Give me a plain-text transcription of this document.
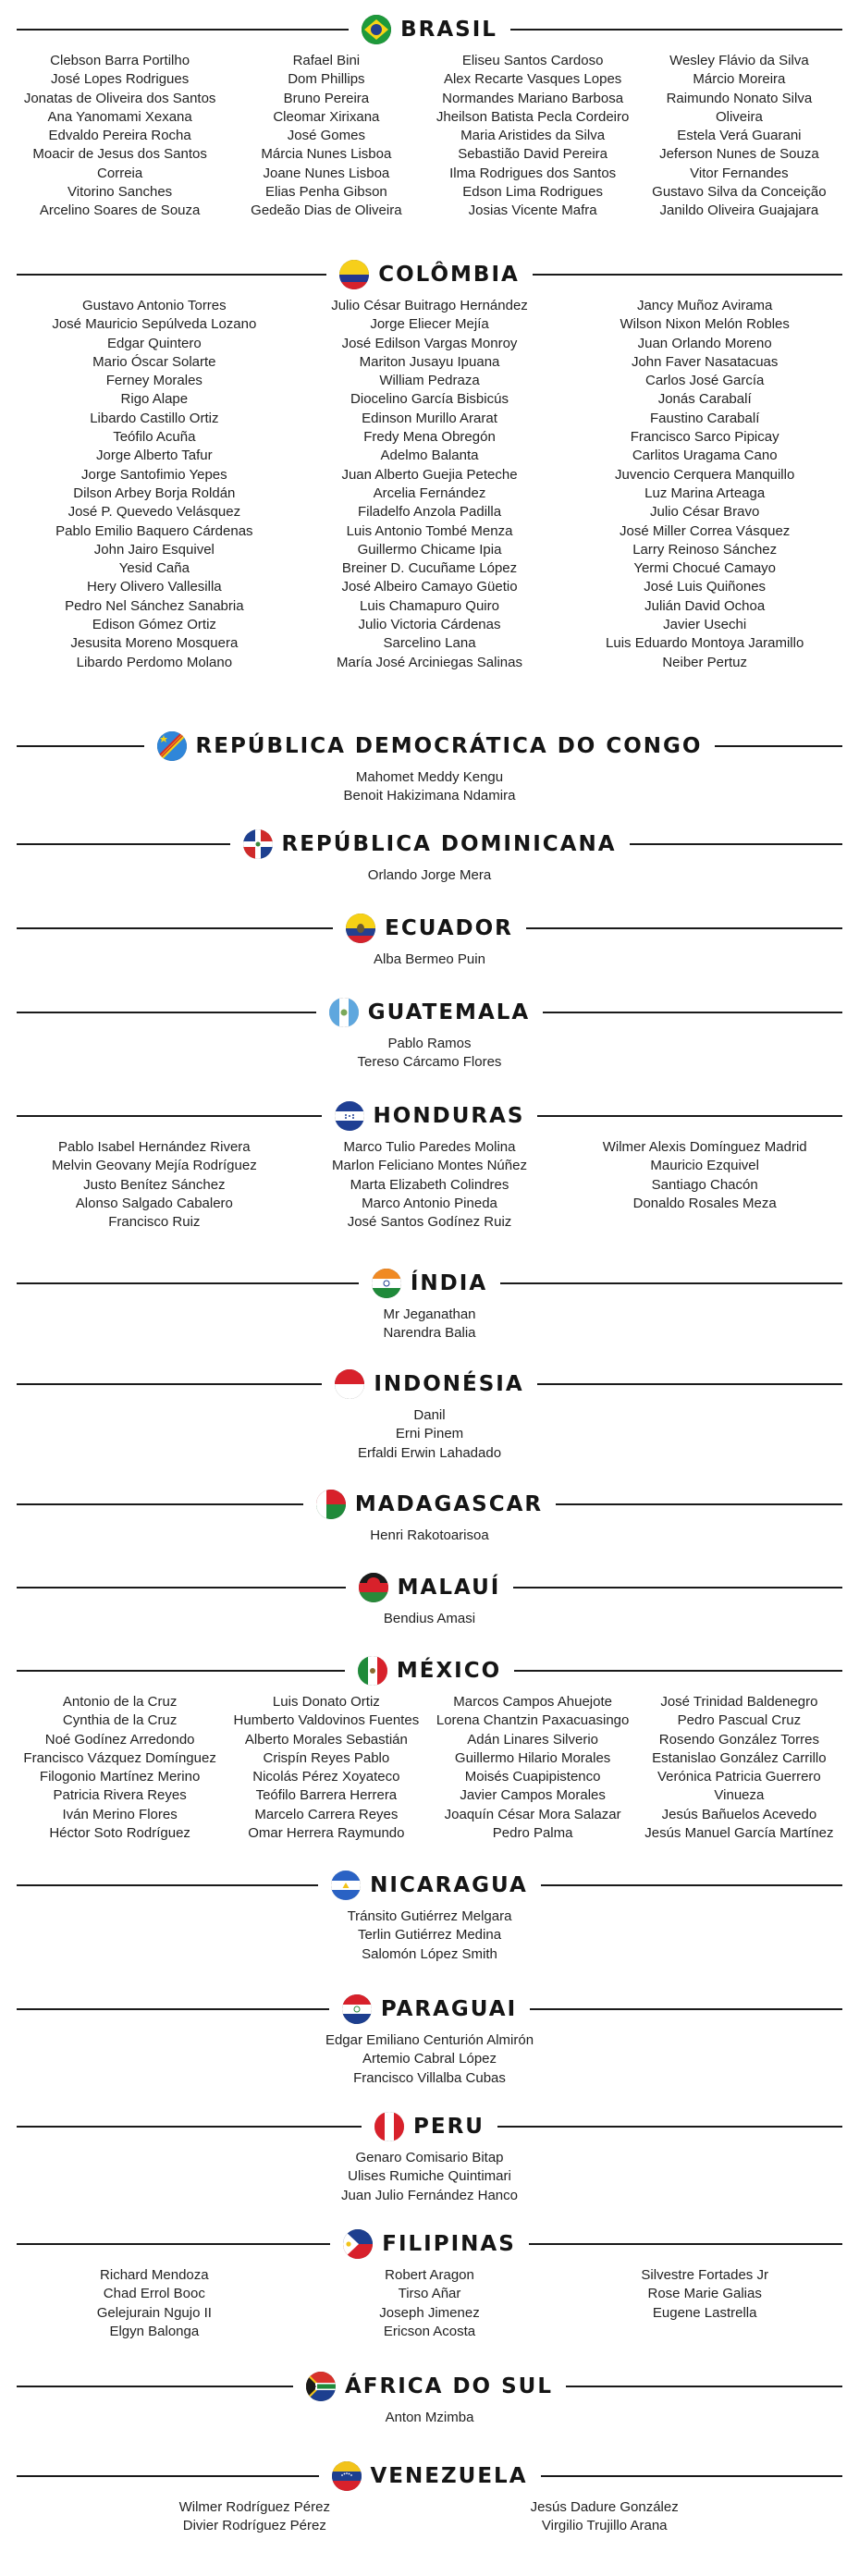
BRASIL
Clebson Barra Portilho
José Lopes Rodrigues
Jonatas de Oliveira dos Santos
Ana Yanomami Xexana
Edvaldo Pereira Rocha
Moacir de Jesus dos Santos
Correia
Vitorino Sanches
Arcelino Soares de Souza
Rafael Bini
Dom Phillips
Bruno Pereira
Cleomar Xirixana
José Gomes
Márcia Nunes Lisboa
Joane Nunes Lisboa
Elias Penha Gibson
Gedeão Dias de Oliveira
Eliseu Santos Cardoso
Alex Recarte Vasques Lopes
Normandes Mariano Barbosa
Jheilson Batista Pecla Cordeiro
Maria Aristides da Silva
Sebastião David Pereira
Ilma Rodrigues dos Santos
Edson Lima Rodrigues
Josias Vicente Mafra
Wesley Flávio da Silva
Márcio Moreira
Raimundo Nonato Silva
Oliveira
Estela Verá Guarani
Jeferson Nunes de Souza
Vitor Fernandes
Gustavo Silva da Conceição
Janildo Oliveira Guajajara
COLÔMBIA
Gustavo Antonio Torres
José Mauricio Sepúlveda Lozano
Edgar Quintero
Mario Óscar Solarte
Ferney Morales
Rigo Alape
Libardo Castillo Ortiz
Teófilo Acuña
Jorge Alberto Tafur
Jorge Santofimio Yepes
Dilson Arbey Borja Roldán
José P. Quevedo Velásquez
Pablo Emilio Baquero Cárdenas
John Jairo Esquivel
Yesid Caña
Hery Olivero Vallesilla
Pedro Nel Sánchez Sanabria
Edison Gómez Ortiz
Jesusita Moreno Mosquera
Libardo Perdomo Molano
Julio César Buitrago Hernández
Jorge Eliecer Mejía
José Edilson Vargas Monroy
Mariton Jusayu Ipuana
William Pedraza
Diocelino García Bisbicús
Edinson Murillo Ararat
Fredy Mena Obregón
Adelmo Balanta
Juan Alberto Guejia Peteche
Arcelia Fernández
Filadelfo Anzola Padilla
Luis Antonio Tombé Menza
Guillermo Chicame Ipia
Breiner D. Cucuñame López
José Albeiro Camayo Güetio
Luis Chamapuro Quiro
Julio Victoria Cárdenas
Sarcelino Lana
María José Arciniegas Salinas
Jancy Muñoz Avirama
Wilson Nixon Melón Robles
Juan Orlando Moreno
John Faver Nasatacuas
Carlos José García
Jonás Carabalí
Faustino Carabalí
Francisco Sarco Pipicay
Carlitos Uragama Cano
Juvencio Cerquera Manquillo
Luz Marina Arteaga
Julio César Bravo
José Miller Correa Vásquez
Larry Reinoso Sánchez
Yermi Chocué Camayo
José Luis Quiñones
Julián David Ochoa
Javier Usechi
Luis Eduardo Montoya Jaramillo
Neiber Pertuz
REPÚBLICA DEMOCRÁTICA DO CONGO
Mahomet Meddy Kengu
Benoit Hakizimana Ndamira
REPÚBLICA DOMINICANA
Orlando Jorge Mera
ECUADOR
Alba Bermeo Puin
GUATEMALA
Pablo Ramos
Tereso Cárcamo Flores
HONDURAS
Pablo Isabel Hernández Rivera
Melvin Geovany Mejía Rodríguez
Justo Benítez Sánchez
Alonso Salgado Cabalero
Francisco Ruiz
Marco Tulio Paredes Molina
Marlon Feliciano Montes Núñez
Marta Elizabeth Colindres
Marco Antonio Pineda
José Santos Godínez Ruiz
Wilmer Alexis Domínguez Madrid
Mauricio Ezquivel
Santiago Chacón
Donaldo Rosales Meza
ÍNDIA
Mr Jeganathan
Narendra Balia
INDONÉSIA
Danil
Erni Pinem
Erfaldi Erwin Lahadado
MADAGASCAR
Henri Rakotoarisoa
MALAUÍ
Bendius Amasi
MÉXICO
Antonio de la Cruz
Cynthia de la Cruz
Noé Godínez Arredondo
Francisco Vázquez Domínguez
Filogonio Martínez Merino
Patricia Rivera Reyes
Iván Merino Flores
Héctor Soto Rodríguez
Luis Donato Ortiz
Humberto Valdovinos Fuentes
Alberto Morales Sebastián
Crispín Reyes Pablo
Nicolás Pérez Xoyateco
Teófilo Barrera Herrera
Marcelo Carrera Reyes
Omar Herrera Raymundo
Marcos Campos Ahuejote
Lorena Chantzin Paxacuasingo
Adán Linares Silverio
Guillermo Hilario Morales
Moisés Cuapipistenco
Javier Campos Morales
Joaquín César Mora Salazar
Pedro Palma
José Trinidad Baldenegro
Pedro Pascual Cruz
Rosendo González Torres
Estanislao González Carrillo
Verónica Patricia Guerrero
Vinueza
Jesús Bañuelos Acevedo
Jesús Manuel García Martínez
NICARAGUA
Tránsito Gutiérrez Melgara
Terlin Gutiérrez Medina
Salomón López Smith
PARAGUAI
Edgar Emiliano Centurión Almirón
Artemio Cabral López
Francisco Villalba Cubas
PERU
Genaro Comisario Bitap
Ulises Rumiche Quintimari
Juan Julio Fernández Hanco
FILIPINAS
Richard Mendoza
Chad Errol Booc
Gelejurain Ngujo II
Elgyn Balonga
Robert Aragon
Tirso Añar
Joseph Jimenez
Ericson Acosta
Silvestre Fortades Jr
Rose Marie Galias
Eugene Lastrella
ÁFRICA DO SUL
Anton Mzimba
VENEZUELA
Wilmer Rodríguez Pérez
Divier Rodríguez Pérez
Jesús Dadure González
Virgilio Trujillo Arana
